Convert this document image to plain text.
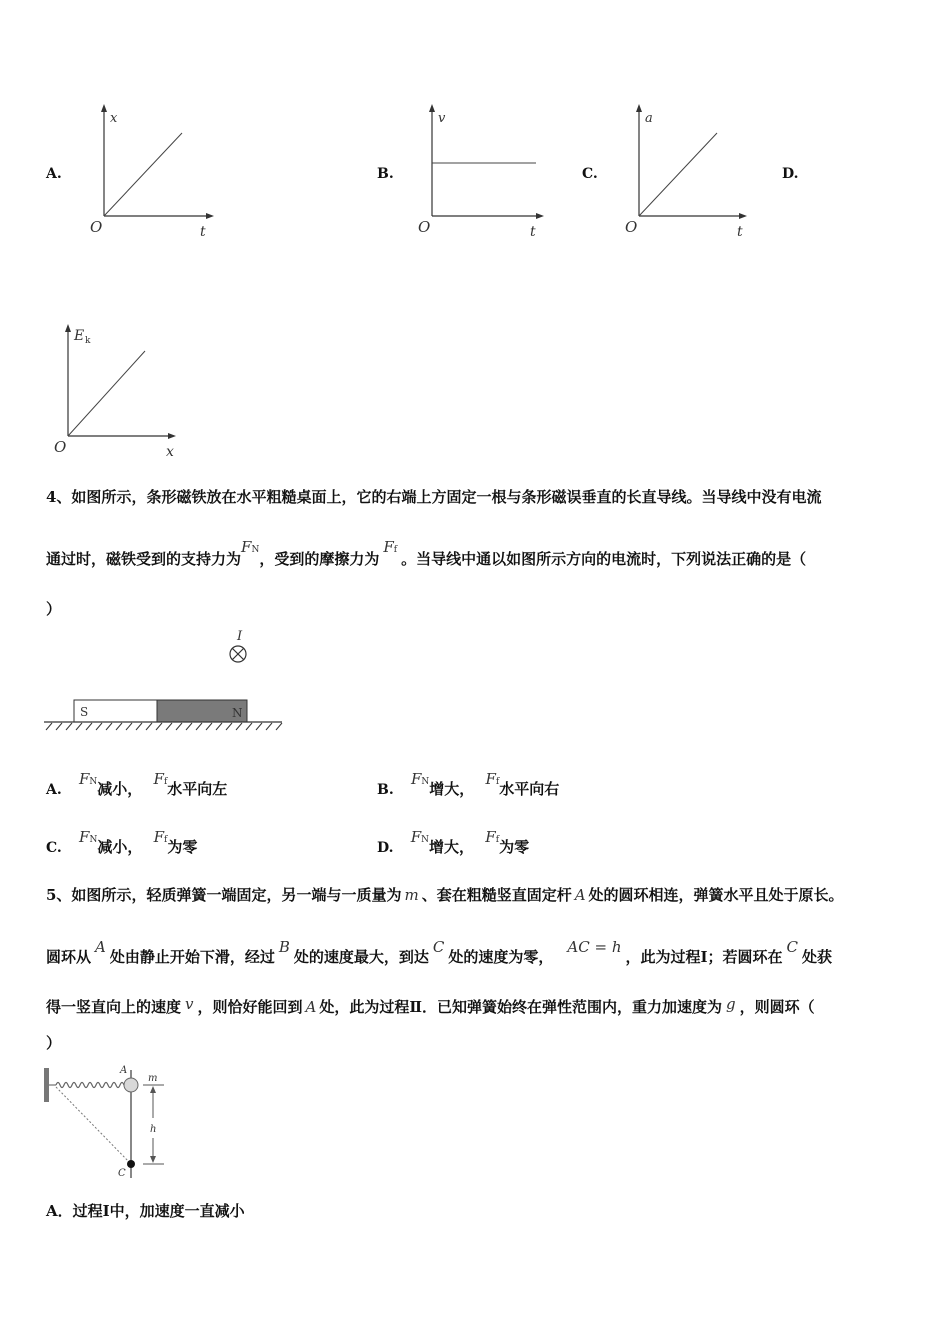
A.
x
O	t
B.
v
O	t
C.
a
O	t
D.
E k
O	x
4、如图所示，条形磁铁放在水平粗糙桌面上，它的右端上方固定一根与条形磁误垂直的长直导线。当导线中没有电流
通过时，磁铁受到的支持力为FN，受到的摩擦力为Ff 。当导线中通以如图所示方向的电流时，下列说法正确的是（
）
I
S	N
A. FN减小， Ff水平向左	B. FN增大， Ff水平向右
C. FN减小， Ff为零	D. FN增大， Ff为零
5、如图所示，轻质弹簧一端固定，另一端与一质量为 m 、套在粗糙竖直固定杆 A 处的圆环相连，弹簧水平且处于原长。
圆环从A处由静止开始下滑，经过B处的速度最大，到达C处的速度为零，AC = h，此为过程Ⅰ；若圆环在C处获
得一竖直向上的速度 v ，则恰好能回到 A 处，此为过程Ⅱ．已知弹簧始终在弹性范围内，重力加速度为 g ，则圆环（
）
A
C
m
h
A．过程Ⅰ中，加速度一直减小
